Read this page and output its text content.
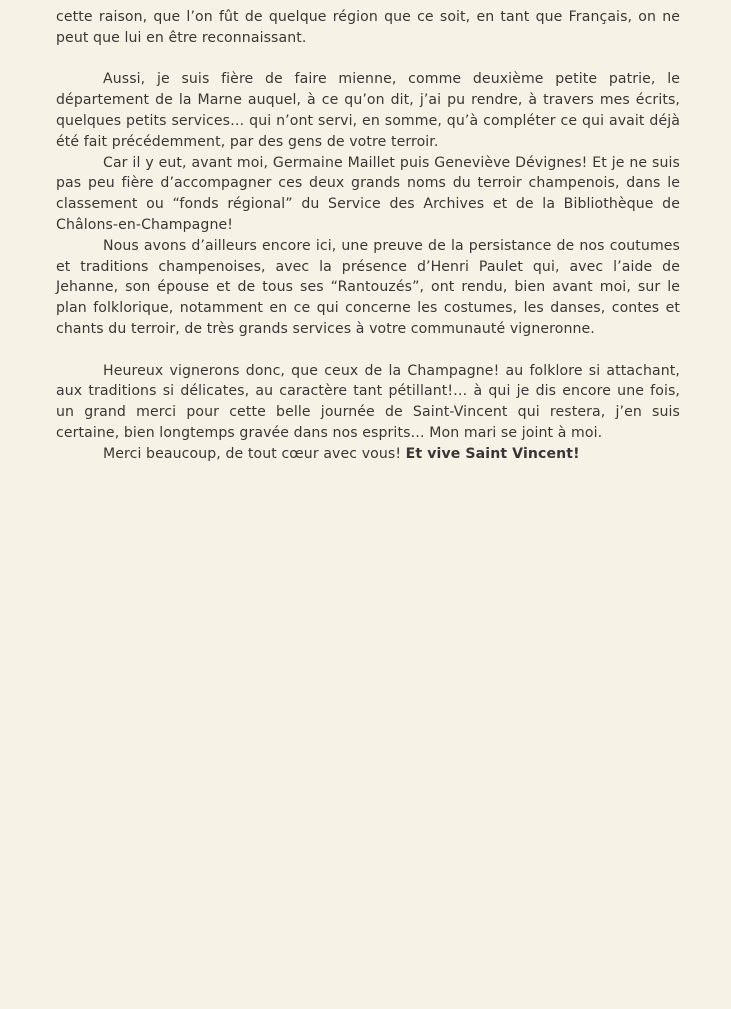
cette raison, que l’on fût de quelque région que ce soit, en tant que Français, on ne peut que lui en être reconnaissant.

Aussi, je suis fière de faire mienne, comme deuxième petite patrie, le département de la Marne auquel, à ce qu’on dit, j’ai pu rendre, à travers mes écrits, quelques petits services… qui n’ont servi, en somme, qu’à compléter ce qui avait déjà été fait précédemment, par des gens de votre terroir.

Car il y eut, avant moi, Germaine Maillet puis Geneviève Dévignes! Et je ne suis pas peu fière d’accompagner ces deux grands noms du terroir champenois, dans le classement ou “fonds régional” du Service des Archives et de la Bibliothèque de Châlons-en-Champagne!

Nous avons d’ailleurs encore ici, une preuve de la persistance de nos coutumes et traditions champenoises, avec la présence d’Henri Paulet qui, avec l’aide de Jehanne, son épouse et de tous ses “Rantouzés”, ont rendu, bien avant moi, sur le plan folklorique, notamment en ce qui concerne les costumes, les danses, contes et chants du terroir, de très grands services à votre communauté vigneronne.

Heureux vignerons donc, que ceux de la Champagne! au folklore si attachant, aux traditions si délicates, au caractère tant pétillant!… à qui je dis encore une fois, un grand merci pour cette belle journée de Saint-Vincent qui restera, j’en suis certaine, bien longtemps gravée dans nos esprits… Mon mari se joint à moi.

Merci beaucoup, de tout cœur avec vous! Et vive Saint Vincent!
